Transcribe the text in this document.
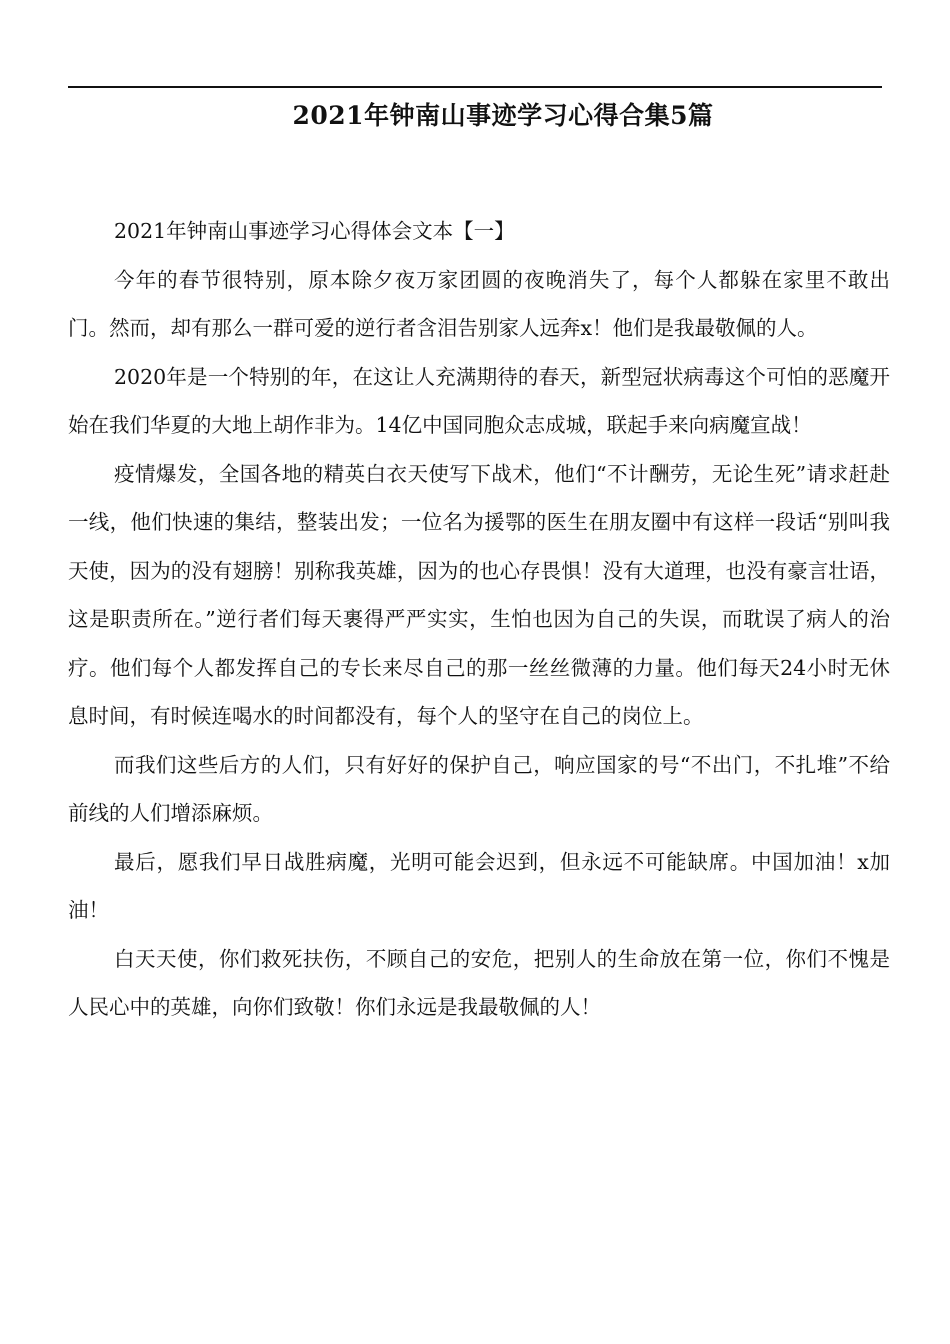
2021年钟南山事迹学习心得合集5篇

2021年钟南山事迹学习心得体会文本【一】

今年的春节很特别，原本除夕夜万家团圆的夜晚消失了，每个人都躲在家里不敢出门。然而，却有那么一群可爱的逆行者含泪告别家人远奔x！他们是我最敬佩的人。

2020年是一个特别的年，在这让人充满期待的春天，新型冠状病毒这个可怕的恶魔开始在我们华夏的大地上胡作非为。14亿中国同胞众志成城，联起手来向病魔宣战！

疫情爆发，全国各地的精英白衣天使写下战术，他们“不计酬劳，无论生死”请求赶赴一线，他们快速的集结，整装出发；一位名为援鄂的医生在朋友圈中有这样一段话“别叫我天使，因为的没有翅膀！别称我英雄，因为的也心存畏惧！没有大道理，也没有豪言壮语，这是职责所在。”逆行者们每天裹得严严实实，生怕也因为自己的失误，而耽误了病人的治疗。他们每个人都发挥自己的专长来尽自己的那一丝丝微薄的力量。他们每天24小时无休息时间，有时候连喝水的时间都没有，每个人的坚守在自己的岗位上。

而我们这些后方的人们，只有好好的保护自己，响应国家的号“不出门，不扎堆”不给前线的人们增添麻烦。

最后，愿我们早日战胜病魔，光明可能会迟到，但永远不可能缺席。中国加油！x加油！

白天天使，你们救死扶伤，不顾自己的安危，把别人的生命放在第一位，你们不愧是人民心中的英雄，向你们致敬！你们永远是我最敬佩的人！
